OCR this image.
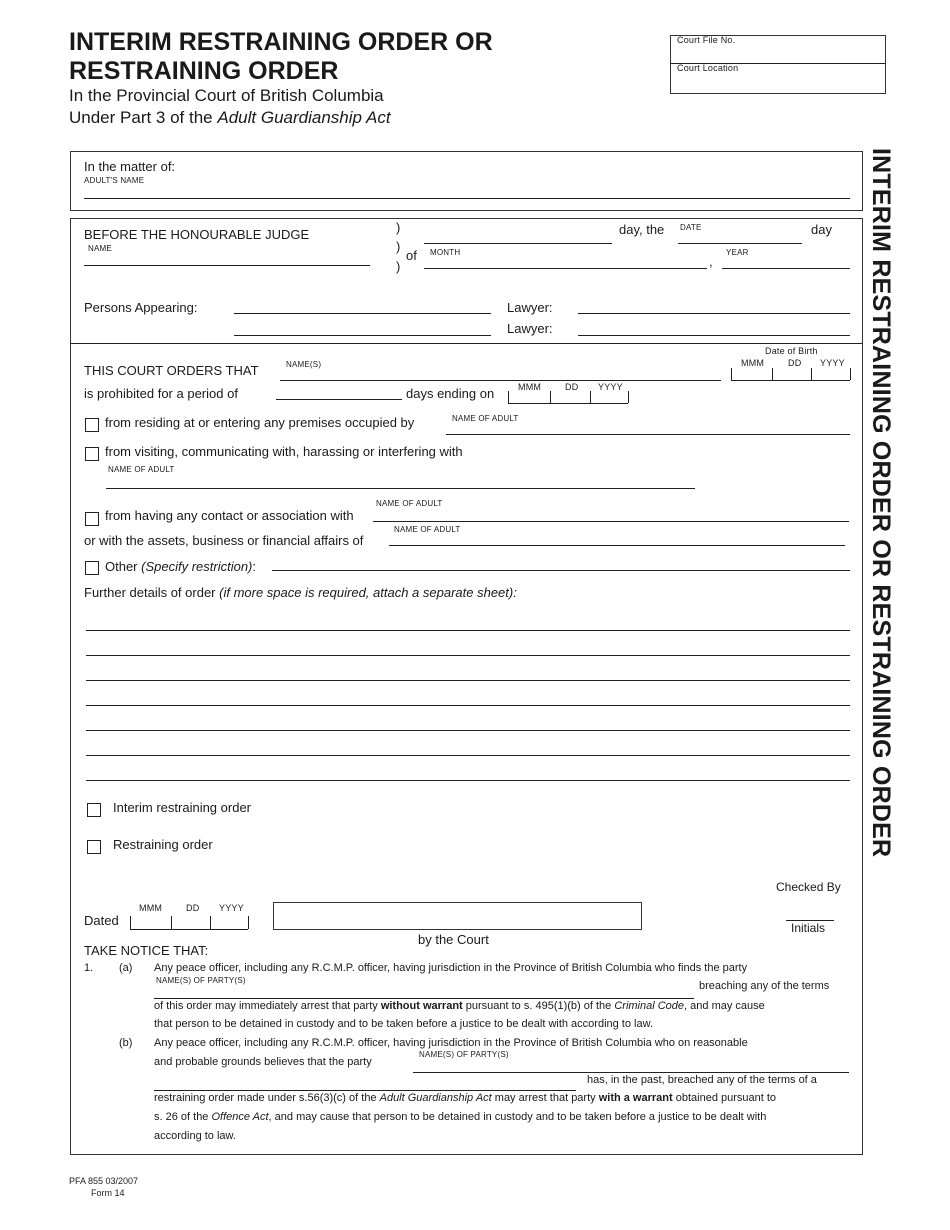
INTERIM RESTRAINING ORDER OR
RESTRAINING ORDER
In the Provincial Court of British Columbia
Under Part 3 of the Adult Guardianship Act
Court File No.
Court Location
INTERIM RESTRAINING ORDER OR RESTRAINING ORDER
In the matter of:
ADULT'S NAME
BEFORE THE HONOURABLE JUDGE
NAME
)
)
)
day, the DATE	day
of MONTH
,
YEAR
Persons Appearing:	Lawyer:
Lawyer:
THIS COURT ORDERS THAT	NAME(S)
Date of Birth
MMM	DD YYYY
is prohibited for a period of	days ending on	MMM	DD YYYY
from residing at or entering any premises occupied by	NAME OF ADULT
from visiting, communicating with, harassing or interfering with
NAME OF ADULT
from having any contact or association with
NAME OF ADULT
or with the assets, business or financial affairs of
NAME OF ADULT
Other (Specify restriction):
Further details of order (if more space is required, attach a separate sheet):
Interim restraining order
Restraining order
Checked By
Initials
Dated
MMM	DD YYYY
by the Court
TAKE NOTICE THAT:
1. (a) Any peace officer, including any R.C.M.P. officer, having jurisdiction in the Province of British Columbia who finds the party
NAME(S) OF PARTY(S)	breaching any of the terms
of this order may immediately arrest that party without warrant pursuant to s. 495(1)(b) of the Criminal Code, and may cause
that person to be detained in custody and to be taken before a justice to be dealt with according to law.
(b) Any peace officer, including any R.C.M.P. officer, having jurisdiction in the Province of British Columbia who on reasonable
and probable grounds believes that the party
NAME(S) OF PARTY(S)
has, in the past, breached any of the terms of a
restraining order made under s.56(3)(c) of the Adult Guardianship Act may arrest that party with a warrant obtained pursuant to
s. 26 of the Offence Act, and may cause that person to be detained in custody and to be taken before a justice to be dealt with
according to law.
PFA 855 03/2007
Form 14
